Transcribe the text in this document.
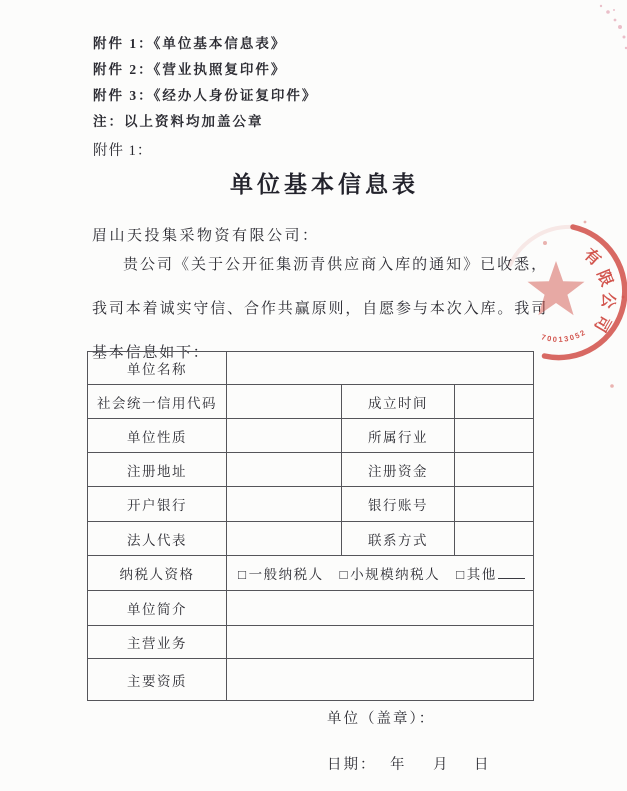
附件 1：《单位基本信息表》
附件 2：《营业执照复印件》
附件 3：《经办人身份证复印件》
注：以上资料均加盖公章
附件 1：
单位基本信息表
眉山天投集采物资有限公司：

贵公司《关于公开征集沥青供应商入库的通知》已收悉，我司本着诚实守信、合作共赢原则，自愿参与本次入库。我司基本信息如下：

单位名称			
社会统一信用代码		成立时间	
单位性质		所属行业	
注册地址		注册资金	
开户银行		银行账号	
法人代表		联系方式	
纳税人资格	□一般纳税人 □小规模纳税人 □其他		
单位简介			
主营业务			
主要资质			
单位（盖章）：
日期： 年 月 日
有
限
公
司
70013052
